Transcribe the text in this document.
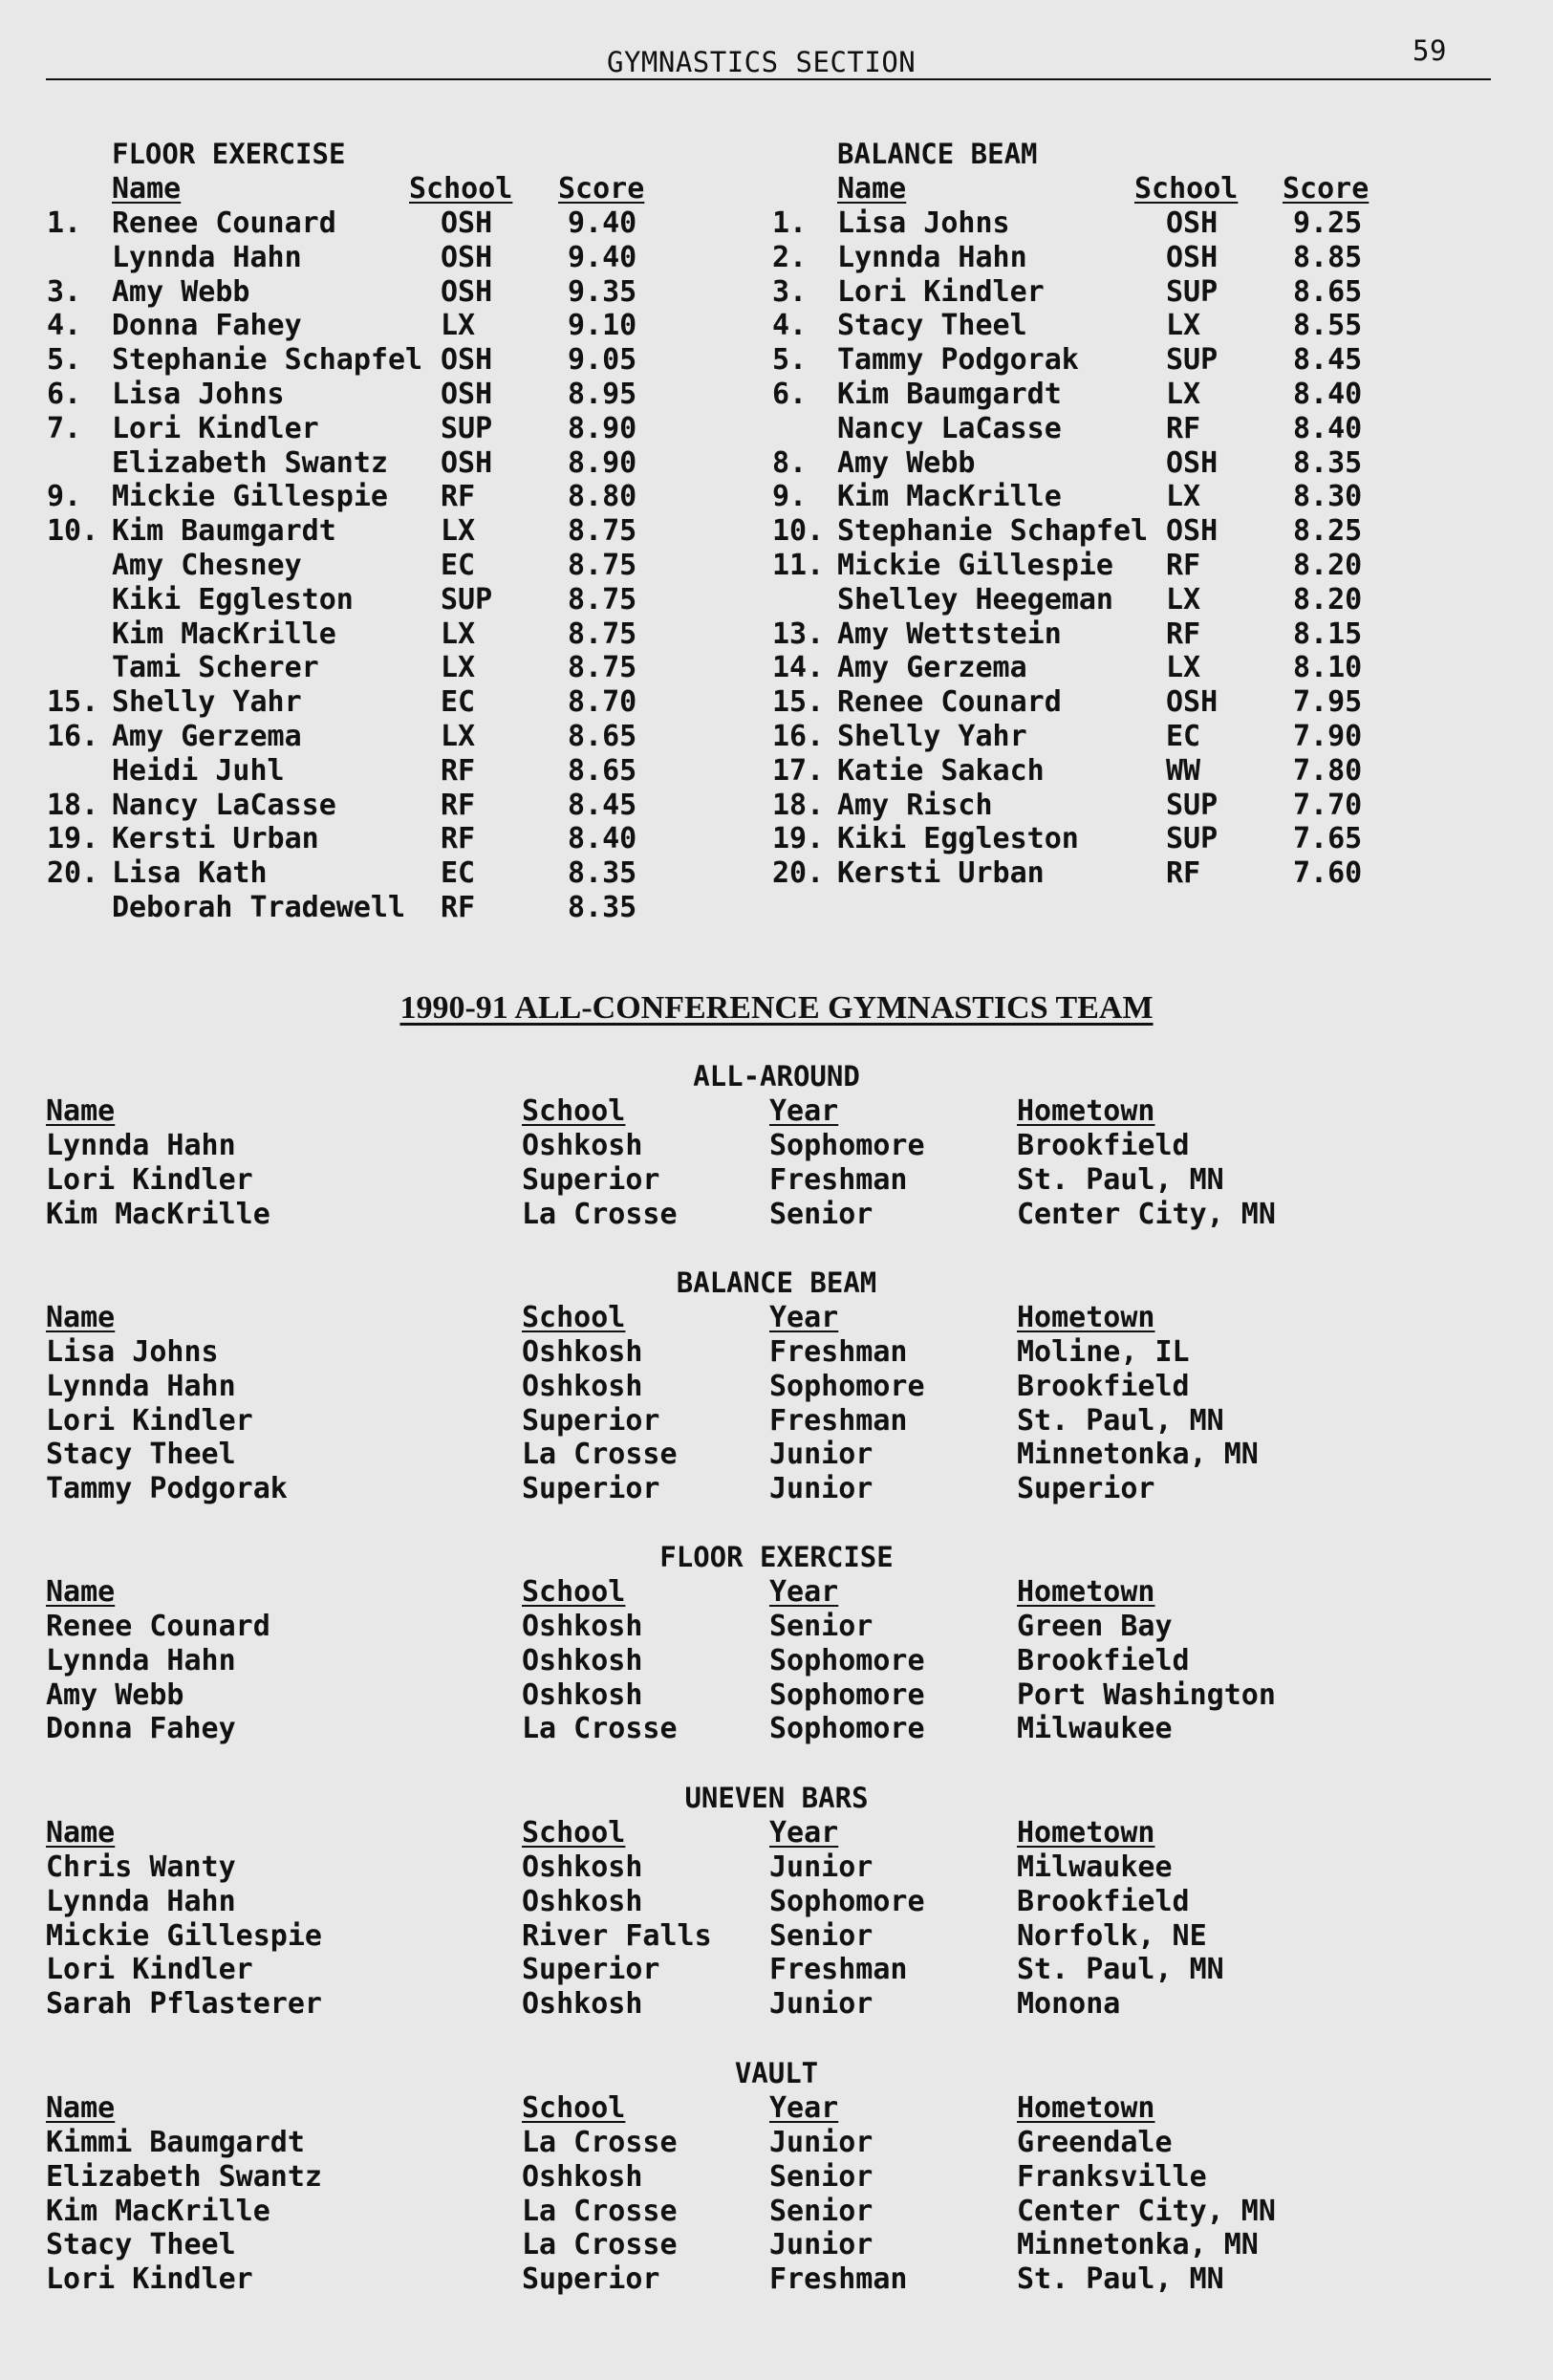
GYMNASTICS SECTION	59
FLOOR EXERCISE
Name	School Score
1. Renee Counard	OSH	9.40
Lynnda Hahn	OSH	9.40
3. Amy Webb	OSH	9.35
4. Donna Fahey	LX	9.10
5. Stephanie Schapfel OSH	9.05
6. Lisa Johns	OSH	8.95
7. Lori Kindler	SUP	8.90
Elizabeth Swantz OSH	8.90
9. Mickie Gillespie RF	8.80
10. Kim Baumgardt	LX	8.75
Amy Chesney	EC	8.75
Kiki Eggleston	SUP	8.75
Kim MacKrille	LX	8.75
Tami Scherer	LX	8.75
15. Shelly Yahr	EC	8.70
16. Amy Gerzema	LX	8.65
Heidi Juhl	RF	8.65
18. Nancy LaCasse	RF	8.45
19. Kersti Urban	RF	8.40
20. Lisa Kath	EC	8.35
Deborah Tradewell RF	8.35
BALANCE BEAM
Name	School Score
1. Lisa Johns	OSH	9.25
2. Lynnda Hahn	OSH	8.85
3. Lori Kindler	SUP	8.65
4. Stacy Theel	LX	8.55
5. Tammy Podgorak	SUP	8.45
6. Kim Baumgardt	LX	8.40
Nancy LaCasse	RF	8.40
8. Amy Webb	OSH	8.35
9. Kim MacKrille	LX	8.30
10. Stephanie Schapfel OSH	8.25
11. Mickie Gillespie RF	8.20
Shelley Heegeman LX	8.20
13. Amy Wettstein	RF	8.15
14. Amy Gerzema	LX	8.10
15. Renee Counard	OSH	7.95
16. Shelly Yahr	EC	7.90
17. Katie Sakach	WW	7.80
18. Amy Risch	SUP	7.70
19. Kiki Eggleston	SUP	7.65
20. Kersti Urban	RF	7.60
1990-91 ALL-CONFERENCE GYMNASTICS TEAM
ALL-AROUND
Name	School	Year	Hometown
Lynnda Hahn	Oshkosh	Sophomore	Brookfield
Lori Kindler	Superior	Freshman	St. Paul, MN
Kim MacKrille	La Crosse	Senior	Center City, MN
BALANCE BEAM
Name	School	Year	Hometown
Lisa Johns	Oshkosh	Freshman	Moline, IL
Lynnda Hahn	Oshkosh	Sophomore	Brookfield
Lori Kindler	Superior	Freshman	St. Paul, MN
Stacy Theel	La Crosse	Junior	Minnetonka, MN
Tammy Podgorak	Superior	Junior	Superior
FLOOR EXERCISE
Name	School	Year	Hometown
Renee Counard	Oshkosh	Senior	Green Bay
Lynnda Hahn	Oshkosh	Sophomore	Brookfield
Amy Webb	Oshkosh	Sophomore	Port Washington
Donna Fahey	La Crosse	Sophomore	Milwaukee
UNEVEN BARS
Name	School	Year	Hometown
Chris Wanty	Oshkosh	Junior	Milwaukee
Lynnda Hahn	Oshkosh	Sophomore	Brookfield
Mickie Gillespie	River Falls Senior	Norfolk, NE
Lori Kindler	Superior	Freshman	St. Paul, MN
Sarah Pflasterer	Oshkosh	Junior	Monona
VAULT
Name	School	Year	Hometown
Kimmi Baumgardt	La Crosse	Junior	Greendale
Elizabeth Swantz	Oshkosh	Senior	Franksville
Kim MacKrille	La Crosse	Senior	Center City, MN
Stacy Theel	La Crosse	Junior	Minnetonka, MN
Lori Kindler	Superior	Freshman	St. Paul, MN
